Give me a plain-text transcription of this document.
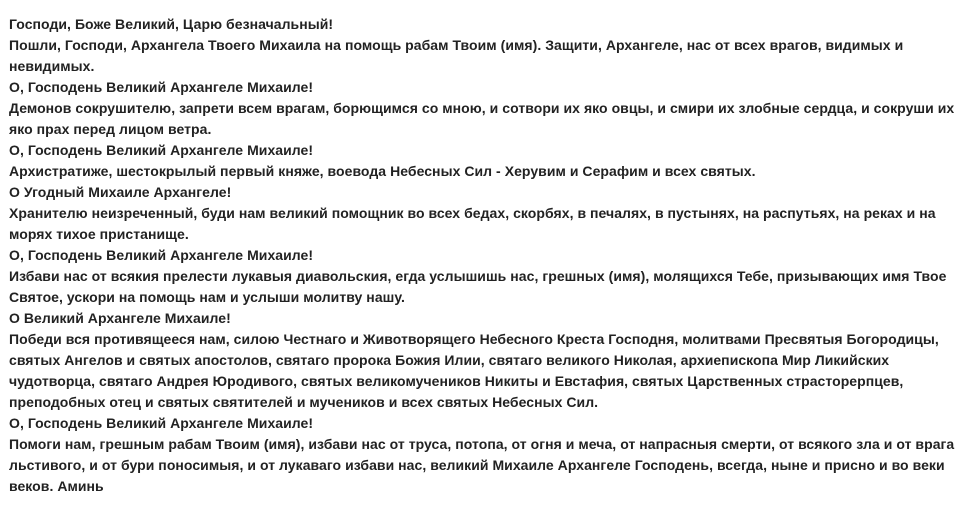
Господи, Боже Великий, Царю безначальный!

Пошли, Господи, Архангела Твоего Михаила на помощь рабам Твоим (имя). Защити, Архангеле, нас от всех врагов, видимых и невидимых.

О, Господень Великий Архангеле Михаиле!

Демонов сокрушителю, запрети всем врагам, борющимся со мною, и сотвори их яко овцы, и смири их злобные сердца, и сокруши их яко прах перед лицом ветра.

О, Господень Великий Архангеле Михаиле!

Архистратиже, шестокрылый первый княже, воевода Небесных Сил - Херувим и Серафим и всех святых.

О Угодный Михаиле Архангеле!

Хранителю неизреченный, буди нам великий помощник во всех бедах, скорбях, в печалях, в пустынях, на распутьях, на реках и на морях тихое пристанище.

О, Господень Великий Архангеле Михаиле!

Избави нас от всякия прелести лукавыя диавольския, егда услышишь нас, грешных (имя), молящихся Тебе, призывающих имя Твое Святое, ускори на помощь нам и услыши молитву нашу.

О Великий Архангеле Михаиле!

Победи вся противящееся нам, силою Честнаго и Животворящего Небесного Креста Господня, молитвами Пресвятыя Богородицы, святых Ангелов и святых апостолов, святаго пророка Божия Илии, святаго великого Николая, архиепископа Мир Ликийских чудотворца, святаго Андрея Юродивого, святых великомучеников Никиты и Евстафия, святых Царственных страсторерпцев, преподобных отец и святых святителей и мучеников и всех святых Небесных Сил.

О, Господень Великий Архангеле Михаиле!

Помоги нам, грешным рабам Твоим (имя), избави нас от труса, потопа, от огня и меча, от напрасныя смерти, от всякого зла и от врага льстивого, и от бури поносимыя, и от лукаваго избави нас, великий Михаиле Архангеле Господень, всегда, ныне и присно и во веки веков. Аминь
